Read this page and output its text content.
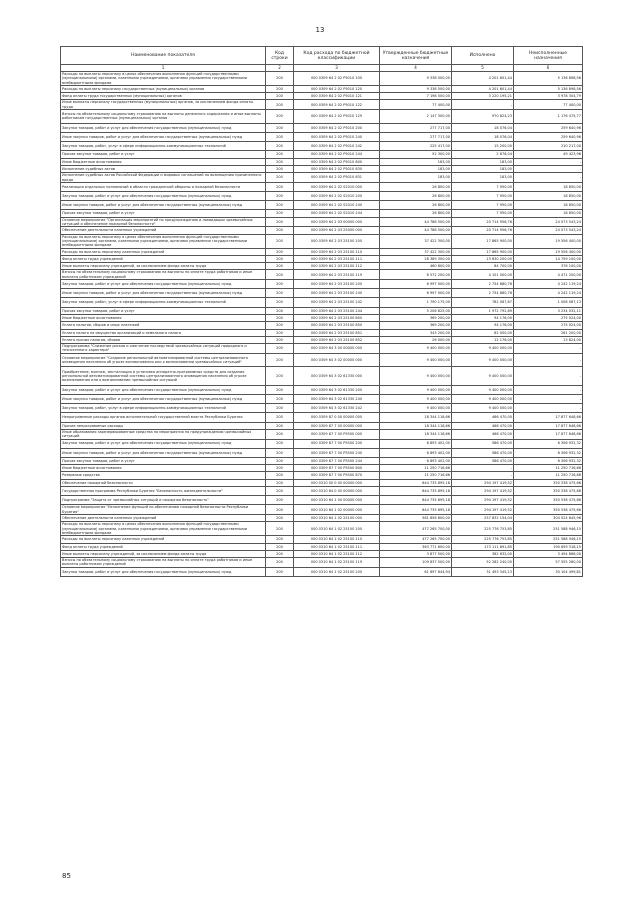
13
Наименование показателя	Код строки	Код расхода по бюджетной классификации	Утвержденные бюджетные назначения	Исполнено	Неисполненные назначения
1	2	3	4	5	6
Расходы на выплаты персоналу в целях обеспечения выполнения функций государственными (муниципальными) органами, казенными учреждениями, органами управления государственными внебюджетными фондами	200	000 0309 64 2 02 Р5010 100	9 338 500,00	4 201 601,44	5 136 898,56
Расходы на выплаты персоналу государственных (муниципальных) органов	200	000 0309 64 2 02 Р5010 120	9 338 500,00	4 201 601,44	5 136 898,56
Фонд оплаты труда государственных (муниципальных) органов	200	000 0309 64 2 02 Р5010 121	7 198 500,00	3 220 195,21	3 978 304,79
Иные выплаты персоналу государственных (муниципальных) органов, за исключением фонда оплаты труда	200	000 0309 64 2 02 Р5010 122	77 400,00	-	77 400,00
Взносы по обязательному социальному страхованию на выплаты денежного содержания и иные выплаты работникам государственных (муниципальных) органов	200	000 0309 64 2 02 Р5010 129	2 147 300,00	970 824,23	1 176 475,77
Закупка товаров, работ и услуг для обеспечения государственных (муниципальных) нужд	200	000 0309 64 2 02 Р5010 200	277 717,00	18 076,04	259 640,96
Иные закупки товаров, работ и услуг для обеспечения государственных (муниципальных) нужд	200	000 0309 64 2 02 Р5010 240	277 717,00	18 076,04	259 640,96
Закупка товаров, работ, услуг в сфере информационно-коммуникационных технологий	200	000 0309 64 2 02 Р5010 242	225 417,00	15 200,00	210 217,00
Прочая закупка товаров, работ и услуг	200	000 0309 64 2 02 Р5010 244	52 300,00	2 876,04	49 423,96
Иные бюджетные ассигнования	200	000 0309 64 2 02 Р5010 800	183,00	183,00	-
Исполнение судебных актов	200	000 0309 64 2 02 Р5010 830	183,00	183,00	-
Исполнение судебных актов Российской Федерации и мировых соглашений по возмещению причиненного вреда	200	000 0309 64 2 02 Р5010 831	183,00	183,00	-
Реализация отдельных полномочий в области гражданской обороны и пожарной безопасности	200	000 0309 64 2 02 S2010 000	26 800,00	7 950,00	18 850,00
Закупка товаров, работ и услуг для обеспечения государственных (муниципальных) нужд	200	000 0309 64 2 02 S2010 200	26 800,00	7 950,00	18 850,00
Иные закупки товаров, работ и услуг для обеспечения государственных (муниципальных) нужд	200	000 0309 64 2 02 S2010 240	26 800,00	7 950,00	18 850,00
Прочая закупка товаров, работ и услуг	200	000 0309 64 2 02 S2010 244	26 800,00	7 950,00	18 850,00
Основное мероприятие "Организация мероприятий по предупреждению и ликвидации чрезвычайных ситуаций и обеспечение пожарной безопасности"	200	000 0309 64 2 03 00000 000	44 788 500,00	20 714 956,76	24 073 543,24
Обеспечение деятельности казенных учреждений	200	000 0309 64 2 03 25000 000	44 788 500,00	20 714 956,76	24 073 543,24
Расходы на выплаты персоналу в целях обеспечения выполнения функций государственными (муниципальными) органами, казенными учреждениями, органами управления государственными внебюджетными фондами	200	000 0309 64 2 03 25100 100	37 422 300,00	17 865 900,00	19 556 400,00
Расходы на выплаты персоналу казенных учреждений	200	000 0309 64 2 03 25100 110	37 422 300,00	17 865 900,00	19 556 400,00
Фонд оплаты труда учреждений	200	000 0309 64 2 03 25100 111	28 389 300,00	13 630 200,00	14 759 100,00
Иные выплаты персоналу учреждений, за исключением фонда оплаты труда	200	000 0309 64 2 03 25100 112	460 800,00	84 700,00	376 100,00
Взносы по обязательному социальному страхованию на выплаты по оплате труда работников и иные выплаты работникам учреждений	200	000 0309 64 2 03 25100 119	8 572 200,00	4 101 000,00	4 471 200,00
Закупка товаров, работ и услуг для обеспечения государственных (муниципальных) нужд	200	000 0309 64 2 03 25100 200	6 997 000,00	2 754 880,76	4 242 119,24
Иные закупки товаров, работ и услуг для обеспечения государственных (муниципальных) нужд	200	000 0309 64 2 03 25100 240	6 997 000,00	2 754 880,76	4 242 119,24
Закупка товаров, работ, услуг в сфере информационно-коммуникационных технологий	200	000 0309 64 2 03 25100 242	1 790 175,00	782 087,87	1 008 087,13
Прочая закупка товаров, работ и услуг	200	000 0309 64 2 03 25100 244	5 206 825,00	1 972 792,89	3 234 032,11
Иные бюджетные ассигнования	200	000 0309 64 2 03 25100 800	369 200,00	94 176,00	275 024,00
Уплата налогов, сборов и иных платежей	200	000 0309 64 2 03 25100 850	369 200,00	94 176,00	275 024,00
Уплата налога на имущество организаций и земельного налога	200	000 0309 64 2 03 25100 851	343 200,00	82 000,00	261 200,00
Уплата прочих налогов, сборов	200	000 0309 64 2 03 25100 852	26 000,00	12 176,00	13 824,00
Подпрограмма "Снижение рисков и смягчение последствий чрезвычайных ситуаций природного и техногенного характера"	200	000 0309 64 3 00 00000 000	9 400 000,00	9 400 000,00	-
Основное мероприятие "Создание региональной автоматизированной системы централизованного оповещения населения об угрозе возникновения или о возникновении чрезвычайных ситуаций"	200	000 0309 64 3 02 00000 000	9 400 000,00	9 400 000,00	-
Приобретение, монтаж, инсталляция и установка аппаратно-программных средств для создания региональной автоматизированной системы централизованного оповещения населения об угрозе возникновения или о возникновении чрезвычайных ситуаций	200	000 0309 64 3 02 61330 000	9 400 000,00	9 400 000,00	-
Закупка товаров, работ и услуг для обеспечения государственных (муниципальных) нужд	200	000 0309 64 3 02 61330 200	9 400 000,00	9 400 000,00	-
Иные закупки товаров, работ и услуг для обеспечения государственных (муниципальных) нужд	200	000 0309 64 3 02 61330 240	9 400 000,00	9 400 000,00	-
Закупка товаров, работ, услуг в сфере информационно-коммуникационных технологий	200	000 0309 64 3 02 61330 242	9 400 000,00	9 400 000,00	-
Непрограммные расходы органов исполнительной государственной власти Республики Бурятия	200	000 0309 87 0 00 00000 000	18 344 118,66	466 470,00	17 877 648,66
Прочие непрограммные расходы	200	000 0309 87 7 00 00000 000	18 344 118,66	466 470,00	17 877 648,66
Иные образования зарезервированные средства на мероприятия по предупреждению чрезвычайных ситуаций	200	000 0309 87 7 00 Р5500 000	18 344 118,66	466 470,00	17 877 648,66
Закупка товаров, работ и услуг для обеспечения государственных (муниципальных) нужд	200	000 0309 87 7 00 Р5500 200	6 893 402,00	586 470,00	6 306 932,32
Иные закупки товаров, работ и услуг для обеспечения государственных (муниципальных) нужд	200	000 0309 87 7 00 Р5500 240	6 893 402,00	586 470,00	6 306 932,32
Прочая закупка товаров, работ и услуг	200	000 0309 87 7 00 Р5500 244	6 893 402,00	586 470,00	6 306 932,32
Иные бюджетные ассигнования	200	000 0309 87 7 00 Р5500 800	11 250 716,66	-	11 250 716,66
Резервные средства	200	000 0309 87 7 00 Р5500 870	11 250 716,66	-	11 250 716,66
Обеспечение пожарной безопасности	200	000 0310 00 0 00 00000 000	644 735 895,18	294 197 419,52	350 538 475,66
Государственная программа Республики Бурятия "Безопасность жизнедеятельности"	200	000 0310 64 0 00 00000 000	644 735 895,18	294 197 419,52	350 538 475,66
Подпрограмма "Защита от чрезвычайных ситуаций и пожарная безопасность"	200	000 0310 64 1 00 00000 000	644 735 895,18	294 197 419,52	350 538 475,66
Основное мероприятие "Исполнение функций по обеспечению пожарной безопасности Республики Бурятия"	200	000 0310 64 1 02 00000 000	644 735 895,18	294 197 419,52	350 538 475,66
Обеспечение деятельности казенных учреждений	200	000 0310 64 1 02 25100 000	561 856 800,00	257 832 154,04	304 024 645,96
Расходы на выплаты персоналу в целях обеспечения выполнения функций государственными (муниципальными) органами, казенными учреждениями, органами управления государственными внебюджетными фондами	200	000 0310 64 1 02 25100 100	477 265 700,00	225 776 753,85	251 588 946,15
Расходы на выплаты персоналу казенных учреждений	200	000 0310 64 1 02 25100 110	477 265 700,00	225 776 753,85	251 588 946,15
Фонд оплаты труда учреждений	200	000 0310 64 1 02 25100 111	363 771 600,00	173 111 891,85	190 659 318,15
Иные выплаты персоналу учреждений, за исключением фонда оплаты труда	200	000 0310 64 1 02 25100 112	3 877 500,00	382 632,00	3 494 868,00
Взносы по обязательному социальному страхованию на выплаты по оплате труда работников и иные выплаты работникам учреждений	200	000 0310 64 1 02 25100 119	109 837 500,00	52 282 240,00	57 555 260,00
Закупка товаров, работ и услуг для обеспечения государственных (муниципальных) нужд	200	000 0310 64 1 02 25100 200	61 697 844,94	31 493 345,13	30 104 499,81
85
